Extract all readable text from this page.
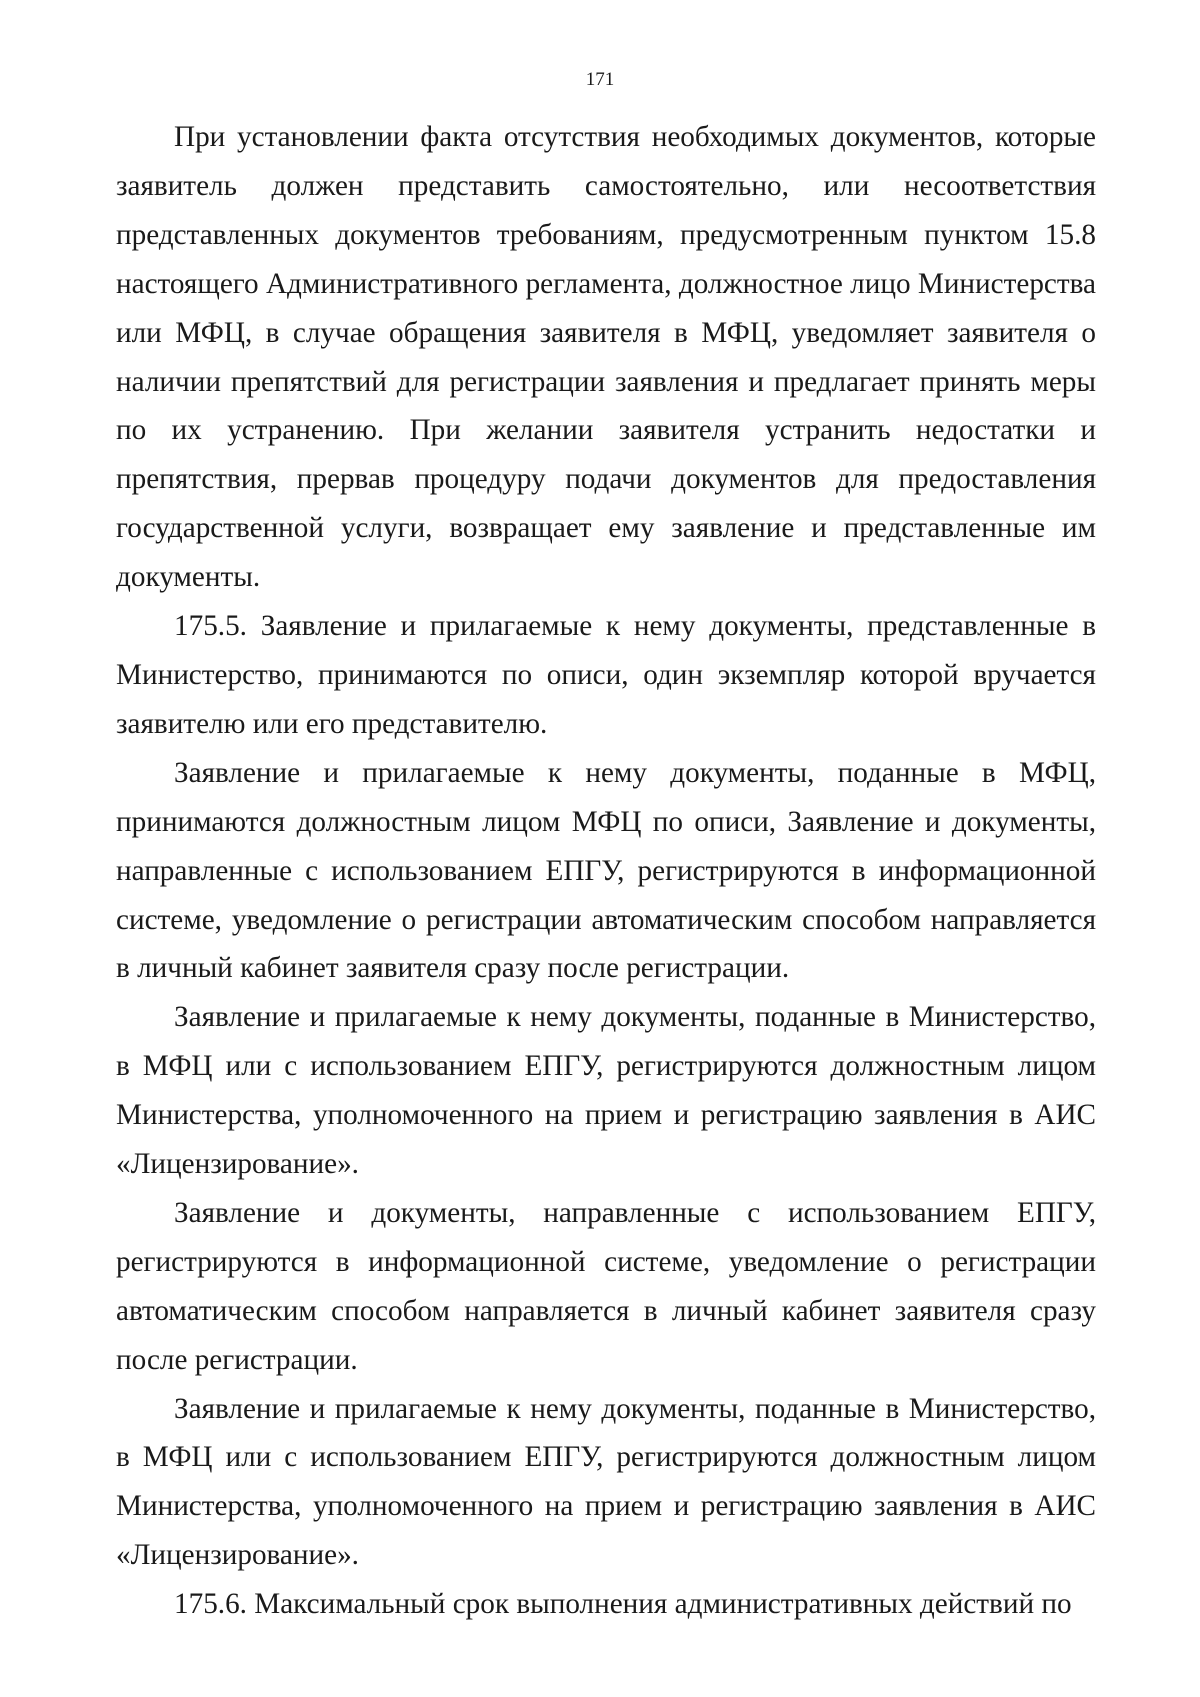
171

При установлении факта отсутствия необходимых документов, которые заявитель должен представить самостоятельно, или несоответствия представленных документов требованиям, предусмотренным пунктом 15.8 настоящего Административного регламента, должностное лицо Министерства или МФЦ, в случае обращения заявителя в МФЦ, уведомляет заявителя о наличии препятствий для регистрации заявления и предлагает принять меры по их устранению. При желании заявителя устранить недостатки и препятствия, прервав процедуру подачи документов для предоставления государственной услуги, возвращает ему заявление и представленные им документы.

175.5. Заявление и прилагаемые к нему документы, представленные в Министерство, принимаются по описи, один экземпляр которой вручается заявителю или его представителю.

Заявление и прилагаемые к нему документы, поданные в МФЦ, принимаются должностным лицом МФЦ по описи, Заявление и документы, направленные с использованием ЕПГУ, регистрируются в информационной системе, уведомление о регистрации автоматическим способом направляется в личный кабинет заявителя сразу после регистрации.

Заявление и прилагаемые к нему документы, поданные в Министерство, в МФЦ или с использованием ЕПГУ, регистрируются должностным лицом Министерства, уполномоченного на прием и регистрацию заявления в АИС «Лицензирование».

Заявление и документы, направленные с использованием ЕПГУ, регистрируются в информационной системе, уведомление о регистрации автоматическим способом направляется в личный кабинет заявителя сразу после регистрации.

Заявление и прилагаемые к нему документы, поданные в Министерство, в МФЦ или с использованием ЕПГУ, регистрируются должностным лицом Министерства, уполномоченного на прием и регистрацию заявления в АИС «Лицензирование».

175.6. Максимальный срок выполнения административных действий по
